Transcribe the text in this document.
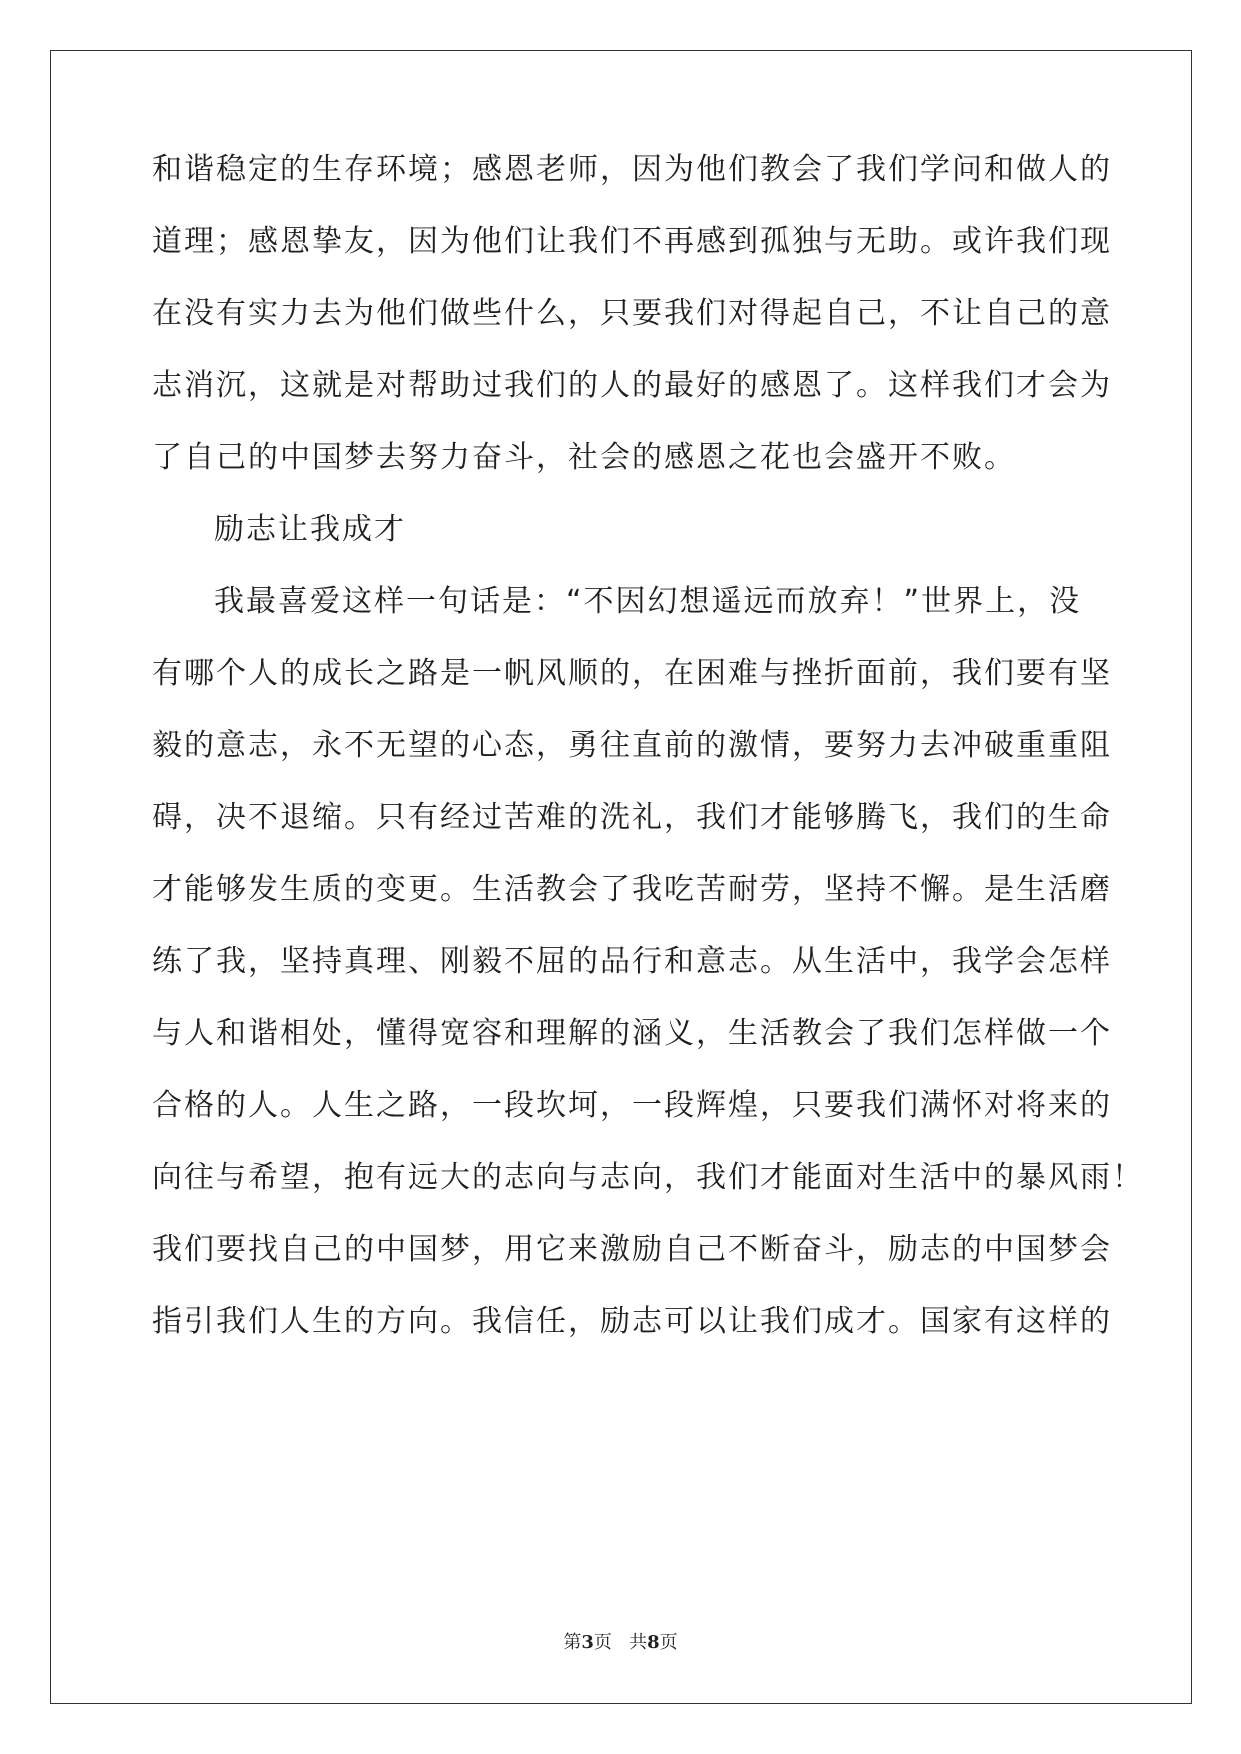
和谐稳定的生存环境；感恩老师，因为他们教会了我们学问和做人的

道理；感恩挚友，因为他们让我们不再感到孤独与无助。或许我们现

在没有实力去为他们做些什么，只要我们对得起自己，不让自己的意

志消沉，这就是对帮助过我们的人的最好的感恩了。这样我们才会为

了自己的中国梦去努力奋斗，社会的感恩之花也会盛开不败。

励志让我成才

我最喜爱这样一句话是：“不因幻想遥远而放弃！”世界上，没

有哪个人的成长之路是一帆风顺的，在困难与挫折面前，我们要有坚

毅的意志，永不无望的心态，勇往直前的激情，要努力去冲破重重阻

碍，决不退缩。只有经过苦难的洗礼，我们才能够腾飞，我们的生命

才能够发生质的变更。生活教会了我吃苦耐劳，坚持不懈。是生活磨

练了我，坚持真理、刚毅不屈的品行和意志。从生活中，我学会怎样

与人和谐相处，懂得宽容和理解的涵义，生活教会了我们怎样做一个

合格的人。人生之路，一段坎坷，一段辉煌，只要我们满怀对将来的

向往与希望，抱有远大的志向与志向，我们才能面对生活中的暴风雨！

我们要找自己的中国梦，用它来激励自己不断奋斗，励志的中国梦会

指引我们人生的方向。我信任，励志可以让我们成才。国家有这样的

第3页 共8页
